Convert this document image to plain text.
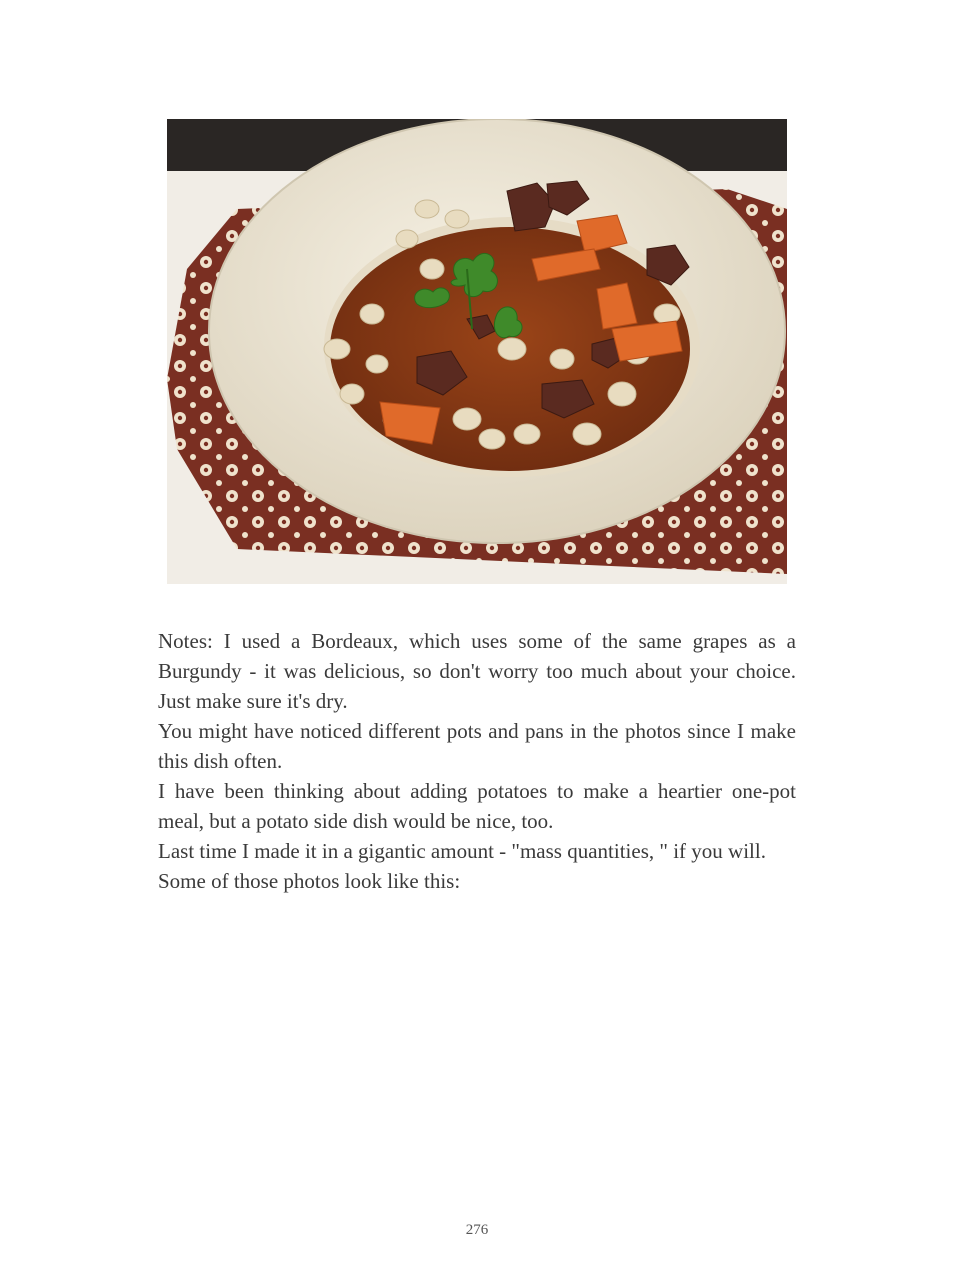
Notes: I used a Bordeaux, which uses some of the same grapes as a Burgundy - it was delicious, so don't worry too much about your choice. Just make sure it's dry.

You might have noticed different pots and pans in the photos since I make this dish often.

I have been thinking about adding potatoes to make a heartier one-pot meal, but a potato side dish would be nice, too.

Last time I made it in a gigantic amount - "mass quantities, " if you will.

Some of those photos look like this:

276
